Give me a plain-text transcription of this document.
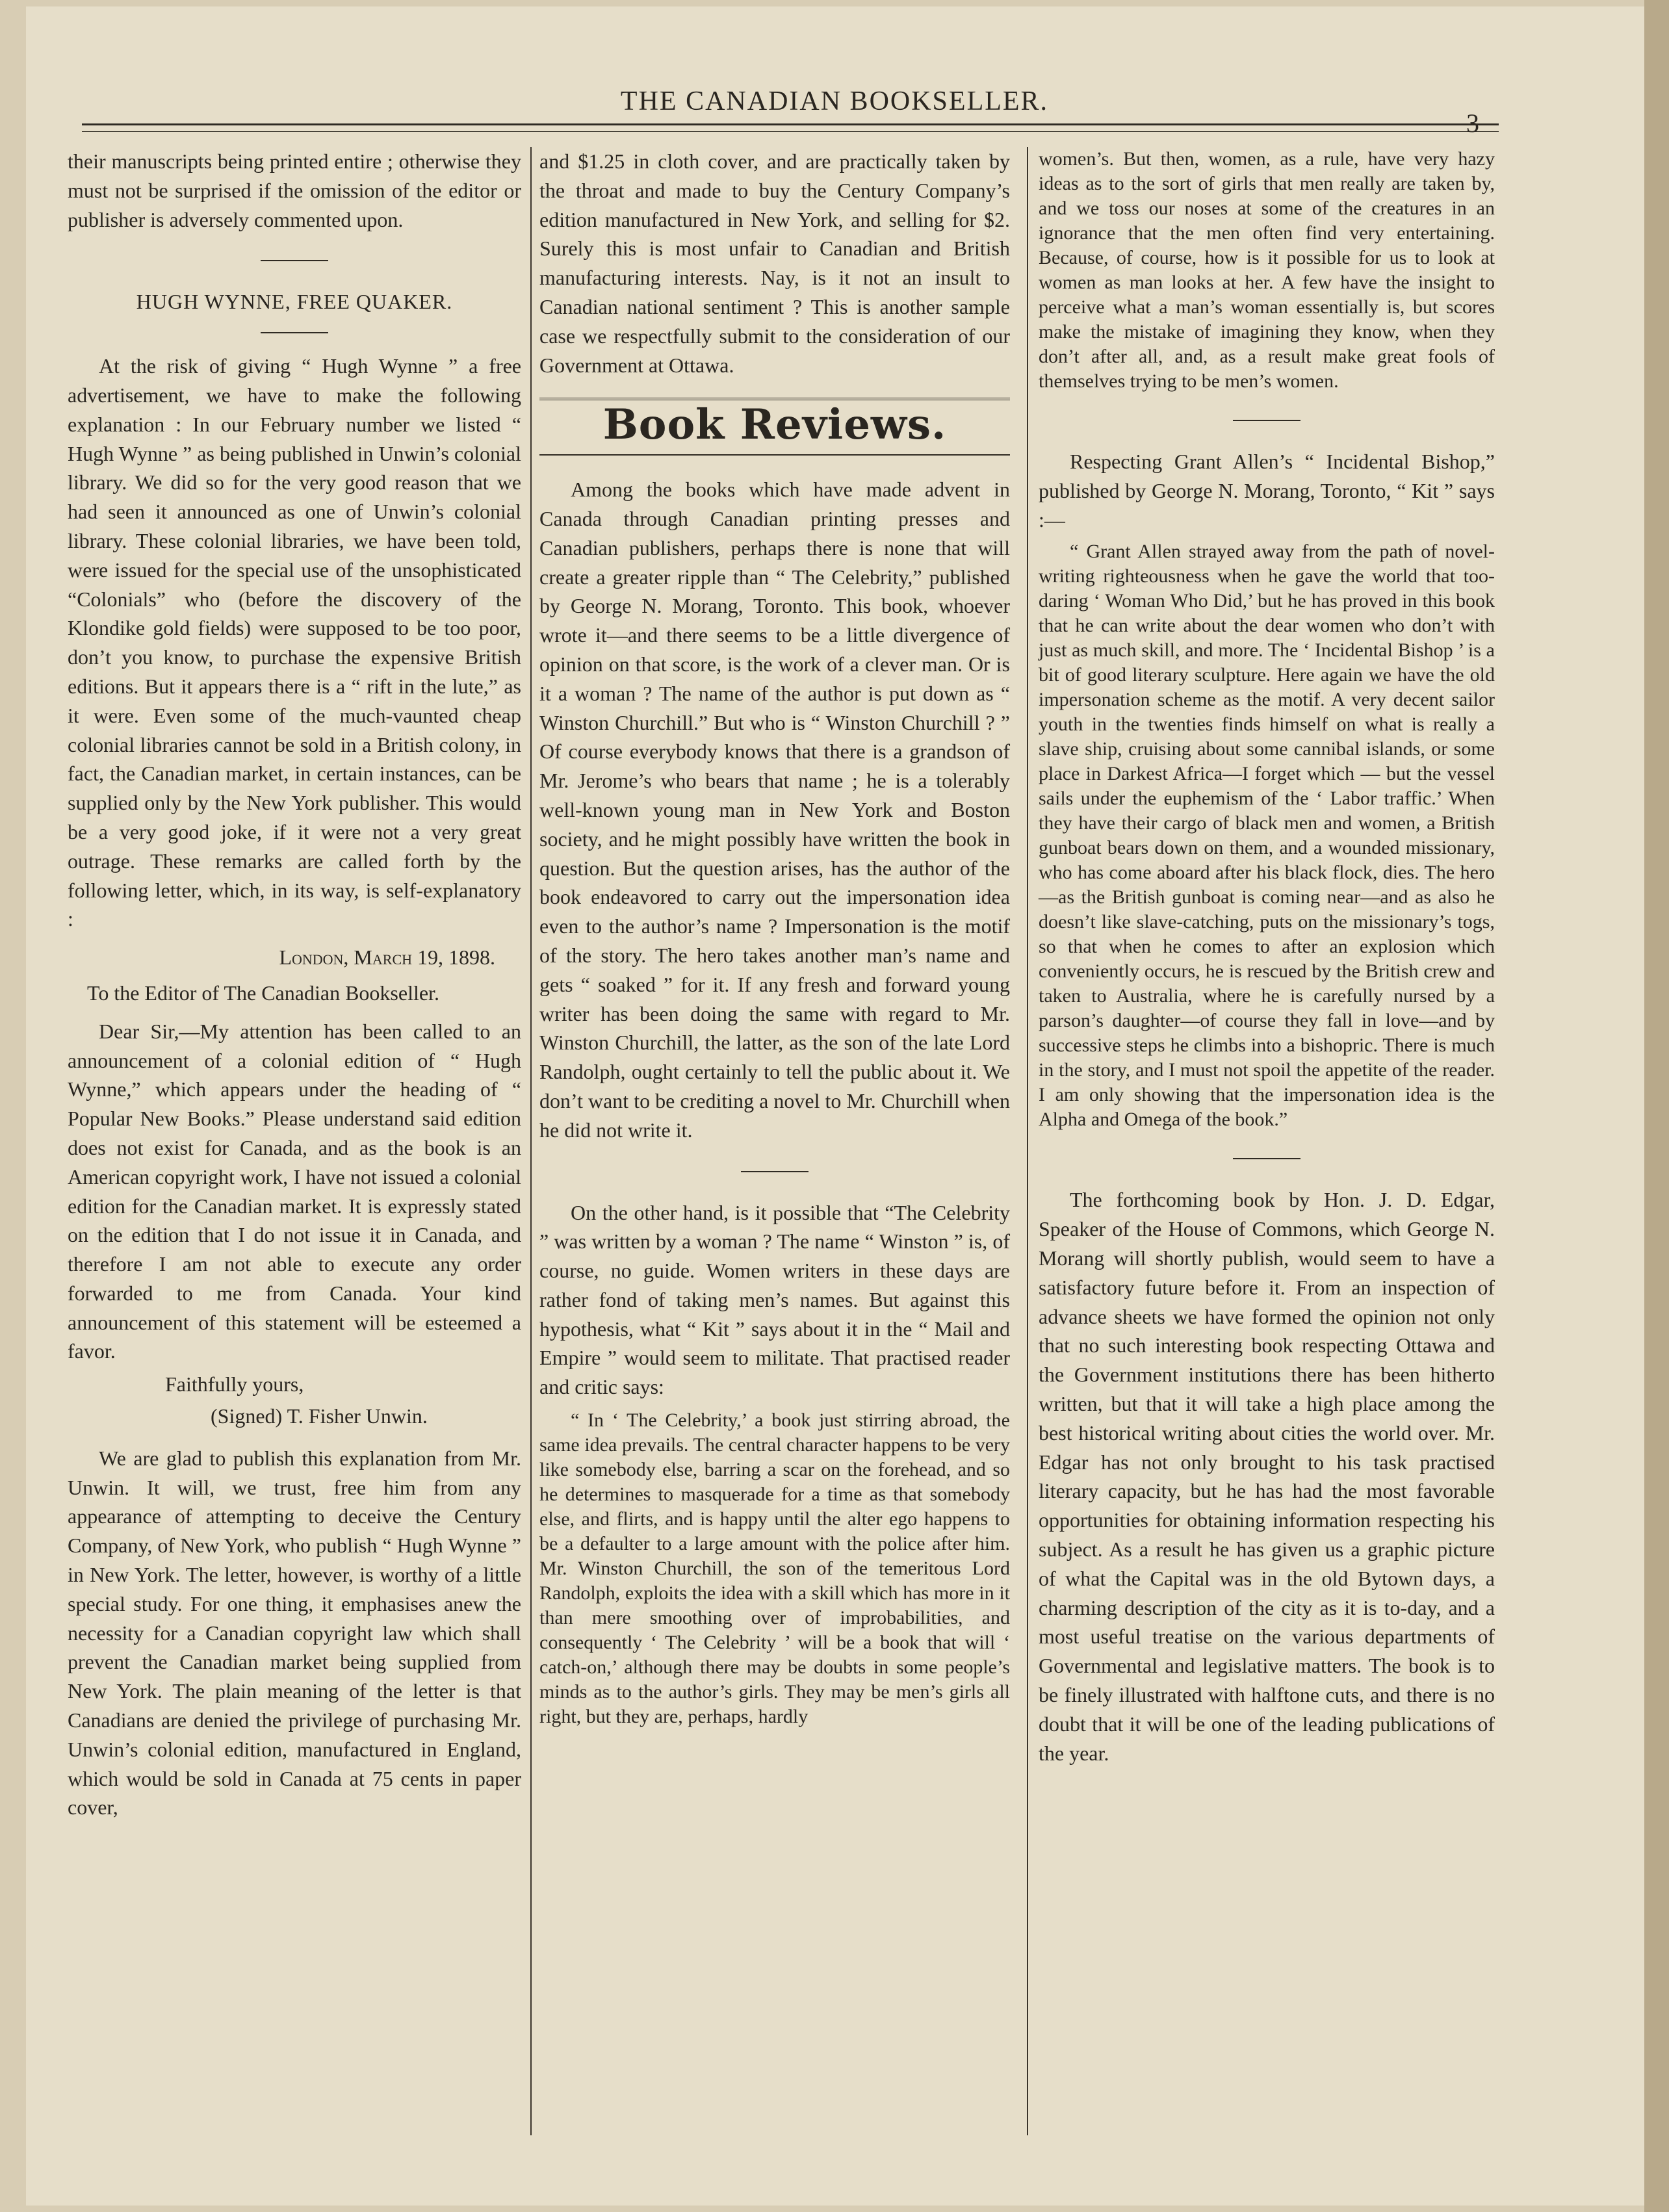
THE CANADIAN BOOKSELLER.
3

their manuscripts being printed entire ; otherwise they must not be surprised if the omission of the editor or publisher is adversely commented upon.

HUGH WYNNE, FREE QUAKER.

At the risk of giving “ Hugh Wynne ” a free advertisement, we have to make the following explanation : In our February number we listed “ Hugh Wynne ” as being published in Unwin’s colonial library. We did so for the very good reason that we had seen it announced as one of Unwin’s colonial library. These colonial libraries, we have been told, were issued for the special use of the unsophisticated “Colonials” who (before the discovery of the Klondike gold fields) were supposed to be too poor, don’t you know, to purchase the expensive British editions. But it appears there is a “ rift in the lute,” as it were. Even some of the much-vaunted cheap colonial libraries cannot be sold in a British colony, in fact, the Canadian market, in certain instances, can be supplied only by the New York publisher. This would be a very good joke, if it were not a very great outrage. These remarks are called forth by the following letter, which, in its way, is self-explanatory :

London, March 19, 1898.

To the Editor of The Canadian Bookseller.

Dear Sir,—My attention has been called to an announcement of a colonial edition of “ Hugh Wynne,” which appears under the heading of “ Popular New Books.” Please understand said edition does not exist for Canada, and as the book is an American copyright work, I have not issued a colonial edition for the Canadian market. It is expressly stated on the edition that I do not issue it in Canada, and therefore I am not able to execute any order forwarded to me from Canada. Your kind announcement of this statement will be esteemed a favor.

Faithfully yours,
(Signed) T. Fisher Unwin.

We are glad to publish this explanation from Mr. Unwin. It will, we trust, free him from any appearance of attempting to deceive the Century Company, of New York, who publish “ Hugh Wynne ” in New York. The letter, however, is worthy of a little special study. For one thing, it emphasises anew the necessity for a Canadian copyright law which shall prevent the Canadian market being supplied from New York. The plain meaning of the letter is that Canadians are denied the privilege of purchasing Mr. Unwin’s colonial edition, manufactured in England, which would be sold in Canada at 75 cents in paper cover,

and $1.25 in cloth cover, and are practically taken by the throat and made to buy the Century Company’s edition manufactured in New York, and selling for $2. Surely this is most unfair to Canadian and British manufacturing interests. Nay, is it not an insult to Canadian national sentiment ? This is another sample case we respectfully submit to the consideration of our Government at Ottawa.

Book Reviews.

Among the books which have made advent in Canada through Canadian printing presses and Canadian publishers, perhaps there is none that will create a greater ripple than “ The Celebrity,” published by George N. Morang, Toronto. This book, whoever wrote it—and there seems to be a little divergence of opinion on that score, is the work of a clever man. Or is it a woman ? The name of the author is put down as “ Winston Churchill.” But who is “ Winston Churchill ? ” Of course everybody knows that there is a grandson of Mr. Jerome’s who bears that name ; he is a tolerably well-known young man in New York and Boston society, and he might possibly have written the book in question. But the question arises, has the author of the book endeavored to carry out the impersonation idea even to the author’s name ? Impersonation is the motif of the story. The hero takes another man’s name and gets “ soaked ” for it. If any fresh and forward young writer has been doing the same with regard to Mr. Winston Churchill, the latter, as the son of the late Lord Randolph, ought certainly to tell the public about it. We don’t want to be crediting a novel to Mr. Churchill when he did not write it.

On the other hand, is it possible that “The Celebrity ” was written by a woman ? The name “ Winston ” is, of course, no guide. Women writers in these days are rather fond of taking men’s names. But against this hypothesis, what “ Kit ” says about it in the “ Mail and Empire ” would seem to militate. That practised reader and critic says:

“ In ‘ The Celebrity,’ a book just stirring abroad, the same idea prevails. The central character happens to be very like somebody else, barring a scar on the forehead, and so he determines to masquerade for a time as that somebody else, and flirts, and is happy until the alter ego happens to be a defaulter to a large amount with the police after him. Mr. Winston Churchill, the son of the temeritous Lord Randolph, exploits the idea with a skill which has more in it than mere smoothing over of improbabilities, and consequently ‘ The Celebrity ’ will be a book that will ‘ catch-on,’ although there may be doubts in some people’s minds as to the author’s girls. They may be men’s girls all right, but they are, perhaps, hardly

women’s. But then, women, as a rule, have very hazy ideas as to the sort of girls that men really are taken by, and we toss our noses at some of the creatures in an ignorance that the men often find very entertaining. Because, of course, how is it possible for us to look at women as man looks at her. A few have the insight to perceive what a man’s woman essentially is, but scores make the mistake of imagining they know, when they don’t after all, and, as a result make great fools of themselves trying to be men’s women.

Respecting Grant Allen’s “ Incidental Bishop,” published by George N. Morang, Toronto, “ Kit ” says :—

“ Grant Allen strayed away from the path of novel-writing righteousness when he gave the world that too-daring ‘ Woman Who Did,’ but he has proved in this book that he can write about the dear women who don’t with just as much skill, and more. The ‘ Incidental Bishop ’ is a bit of good literary sculpture. Here again we have the old impersonation scheme as the motif. A very decent sailor youth in the twenties finds himself on what is really a slave ship, cruising about some cannibal islands, or some place in Darkest Africa—I forget which — but the vessel sails under the euphemism of the ‘ Labor traffic.’ When they have their cargo of black men and women, a British gunboat bears down on them, and a wounded missionary, who has come aboard after his black flock, dies. The hero—as the British gunboat is coming near—and as also he doesn’t like slave-catching, puts on the missionary’s togs, so that when he comes to after an explosion which conveniently occurs, he is rescued by the British crew and taken to Australia, where he is carefully nursed by a parson’s daughter—of course they fall in love—and by successive steps he climbs into a bishopric. There is much in the story, and I must not spoil the appetite of the reader. I am only showing that the impersonation idea is the Alpha and Omega of the book.”

The forthcoming book by Hon. J. D. Edgar, Speaker of the House of Commons, which George N. Morang will shortly publish, would seem to have a satisfactory future before it. From an inspection of advance sheets we have formed the opinion not only that no such interesting book respecting Ottawa and the Government institutions there has been hitherto written, but that it will take a high place among the best historical writing about cities the world over. Mr. Edgar has not only brought to his task practised literary capacity, but he has had the most favorable opportunities for obtaining information respecting his subject. As a result he has given us a graphic picture of what the Capital was in the old Bytown days, a charming description of the city as it is to-day, and a most useful treatise on the various departments of Governmental and legislative matters. The book is to be finely illustrated with halftone cuts, and there is no doubt that it will be one of the leading publications of the year.
